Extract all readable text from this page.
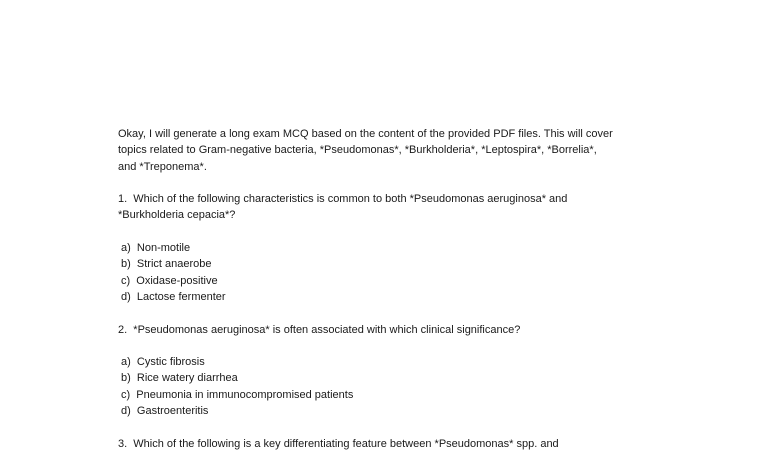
Okay, I will generate a long exam MCQ based on the content of the provided PDF files. This will cover

topics related to Gram-negative bacteria, *Pseudomonas*, *Burkholderia*, *Leptospira*, *Borrelia*,

and *Treponema*.

1.  Which of the following characteristics is common to both *Pseudomonas aeruginosa* and

*Burkholderia cepacia*?

a)  Non-motile
b)  Strict anaerobe
c)  Oxidase-positive
d)  Lactose fermenter

2.  *Pseudomonas aeruginosa* is often associated with which clinical significance?

a)  Cystic fibrosis
b)  Rice watery diarrhea
c)  Pneumonia in immunocompromised patients
d)  Gastroenteritis

3.  Which of the following is a key differentiating feature between *Pseudomonas* spp. and
